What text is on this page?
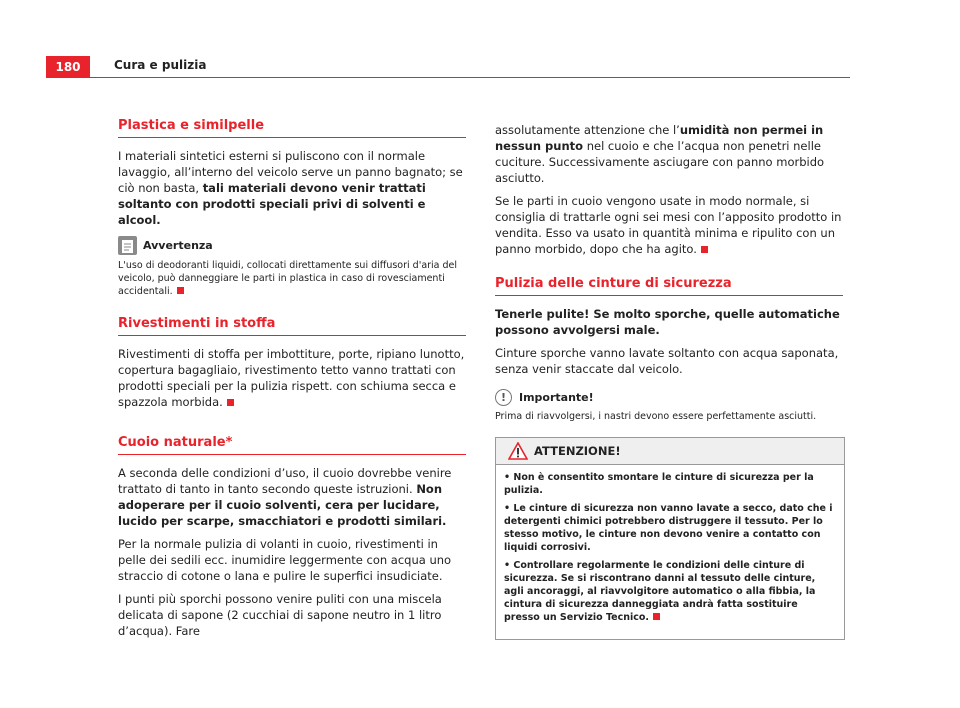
180	Cura e pulizia
Plastica e similpelle

I materiali sintetici esterni si puliscono con il normale lavaggio, all’interno del veicolo serve un panno bagnato; se ciò non basta, tali materiali devono venir trattati soltanto con prodotti speciali privi di solventi e alcool.

Avvertenza

L'uso di deodoranti liquidi, collocati direttamente sui diffusori d'aria del veicolo, può danneggiare le parti in plastica in caso di rovesciamenti accidentali.

Rivestimenti in stoffa

Rivestimenti di stoffa per imbottiture, porte, ripiano lunotto, copertura bagagliaio, rivestimento tetto vanno trattati con prodotti speciali per la pulizia rispett. con schiuma secca e spazzola morbida.

Cuoio naturale*

A seconda delle condizioni d’uso, il cuoio dovrebbe venire trattato di tanto in tanto secondo queste istruzioni. Non adoperare per il cuoio solventi, cera per lucidare, lucido per scarpe, smacchiatori e prodotti similari.

Per la normale pulizia di volanti in cuoio, rivestimenti in pelle dei sedili ecc. inumidire leggermente con acqua uno straccio di cotone o lana e pulire le superfici insudiciate.

I punti più sporchi possono venire puliti con una miscela delicata di sapone (2 cucchiai di sapone neutro in 1 litro d’acqua). Fare

assolutamente attenzione che l’umidità non permei in nessun punto nel cuoio e che l’acqua non penetri nelle cuciture. Successivamente asciugare con panno morbido asciutto.

Se le parti in cuoio vengono usate in modo normale, si consiglia di trattarle ogni sei mesi con l’apposito prodotto in vendita. Esso va usato in quantità minima e ripulito con un panno morbido, dopo che ha agito.

Pulizia delle cinture di sicurezza

Tenerle pulite! Se molto sporche, quelle automatiche possono avvolgersi male.

Cinture sporche vanno lavate soltanto con acqua saponata, senza venir staccate dal veicolo.

!	Importante!

Prima di riavvolgersi, i nastri devono essere perfettamente asciutti.

ATTENZIONE!

• Non è consentito smontare le cinture di sicurezza per la pulizia.

• Le cinture di sicurezza non vanno lavate a secco, dato che i detergenti chimici potrebbero distruggere il tessuto. Per lo stesso motivo, le cinture non devono venire a contatto con liquidi corrosivi.

• Controllare regolarmente le condizioni delle cinture di sicurezza. Se si riscontrano danni al tessuto delle cinture, agli ancoraggi, al riavvolgitore automatico o alla fibbia, la cintura di sicurezza danneggiata andrà fatta sostituire presso un Servizio Tecnico.
